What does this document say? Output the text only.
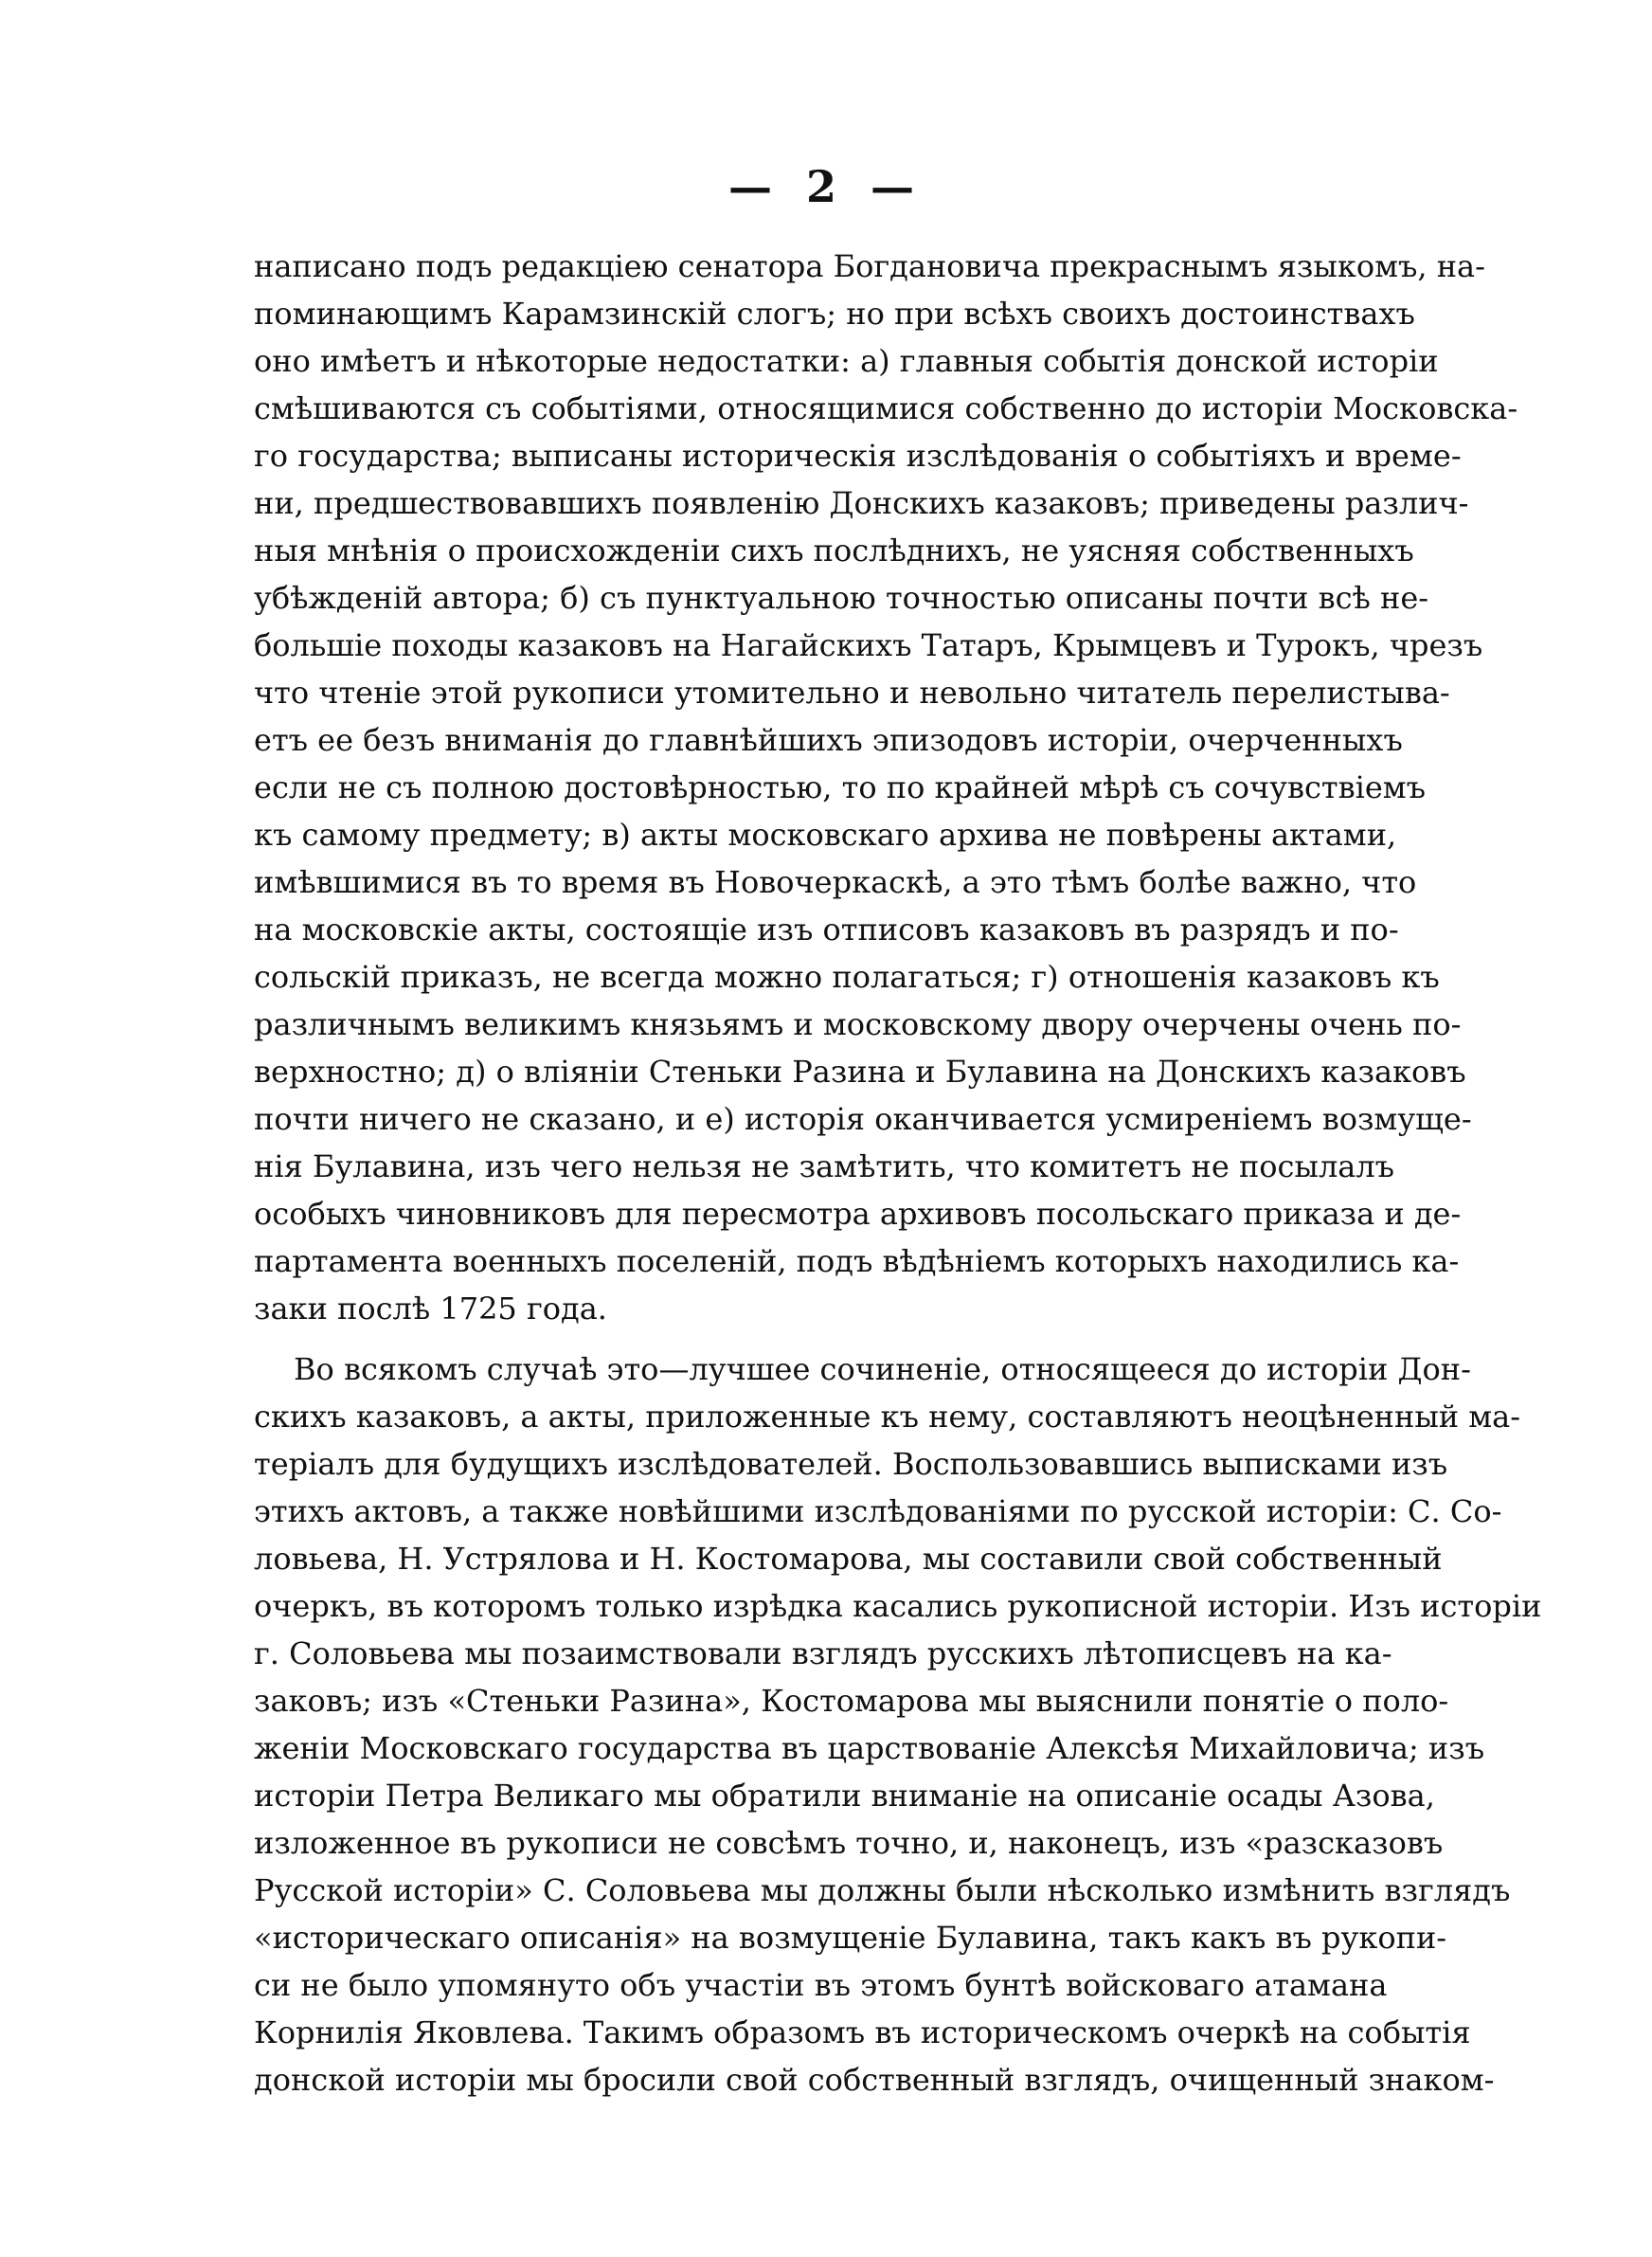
— 2 —
написано подъ редакціею сенатора Богдановича прекраснымъ языкомъ, на-
поминающимъ Карамзинскій слогъ; но при всѣхъ своихъ достоинствахъ
оно имѣетъ и нѣкоторые недостатки: а) главныя событія донской исторіи
смѣшиваются съ событіями, относящимися собственно до исторіи Московска-
го государства; выписаны историческія изслѣдованія о событіяхъ и време-
ни, предшествовавшихъ появленію Донскихъ казаковъ; приведены различ-
ныя мнѣнія о происхожденіи сихъ послѣднихъ, не уясняя собственныхъ
убѣжденій автора; б) съ пунктуальною точностью описаны почти всѣ не-
большіе походы казаковъ на Нагайскихъ Татаръ, Крымцевъ и Турокъ, чрезъ
что чтеніе этой рукописи утомительно и невольно читатель перелистыва-
етъ ее безъ вниманія до главнѣйшихъ эпизодовъ исторіи, очерченныхъ
если не съ полною достовѣрностью, то по крайней мѣрѣ съ сочувствіемъ
къ самому предмету; в) акты московскаго архива не повѣрены актами,
имѣвшимися въ то время въ Новочеркаскѣ, а это тѣмъ болѣе важно, что
на московскіе акты, состоящіе изъ отписовъ казаковъ въ разрядъ и по-
сольскій приказъ, не всегда можно полагаться; г) отношенія казаковъ къ
различнымъ великимъ князьямъ и московскому двору очерчены очень по-
верхностно; д) о вліяніи Стеньки Разина и Булавина на Донскихъ казаковъ
почти ничего не сказано, и е) исторія оканчивается усмиреніемъ возмуще-
нія Булавина, изъ чего нельзя не замѣтить, что комитетъ не посылалъ
особыхъ чиновниковъ для пересмотра архивовъ посольскаго приказа и де-
партамента военныхъ поселеній, подъ вѣдѣніемъ которыхъ находились ка-
заки послѣ 1725 года.
Во всякомъ случаѣ это—лучшее сочиненіе, относящееся до исторіи Дон-
скихъ казаковъ, а акты, приложенные къ нему, составляютъ неоцѣненный ма-
теріалъ для будущихъ изслѣдователей. Воспользовавшись выписками изъ
этихъ актовъ, а также новѣйшими изслѣдованіями по русской исторіи: С. Со-
ловьева, Н. Устрялова и Н. Костомарова, мы составили свой собственный
очеркъ, въ которомъ только изрѣдка касались рукописной исторіи. Изъ исторіи
г. Соловьева мы позаимствовали взглядъ русскихъ лѣтописцевъ на ка-
заковъ; изъ «Стеньки Разина», Костомарова мы выяснили понятіе о поло-
женіи Московскаго государства въ царствованіе Алексѣя Михайловича; изъ
исторіи Петра Великаго мы обратили вниманіе на описаніе осады Азова,
изложенное въ рукописи не совсѣмъ точно, и, наконецъ, изъ «разсказовъ
Русской исторіи» С. Соловьева мы должны были нѣсколько измѣнить взглядъ
«историческаго описанія» на возмущеніе Булавина, такъ какъ въ рукопи-
си не было упомянуто объ участіи въ этомъ бунтѣ войсковаго атамана
Корнилія Яковлева. Такимъ образомъ въ историческомъ очеркѣ на событія
донской исторіи мы бросили свой собственный взглядъ, очищенный знаком-
